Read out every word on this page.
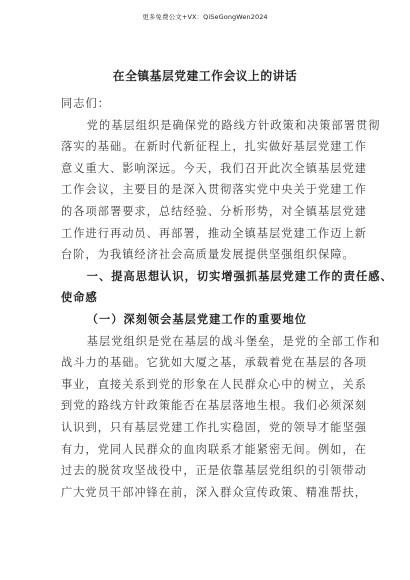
更多免费公文+VX：QiSeGongWen2024
在全镇基层党建工作会议上的讲话
同志们：
党的基层组织是确保党的路线方针政策和决策部署贯彻
落实的基础。在新时代新征程上，扎实做好基层党建工作
意义重大、影响深远。今天，我们召开此次全镇基层党建
工作会议，主要目的是深入贯彻落实党中央关于党建工作
的各项部署要求，总结经验、分析形势，对全镇基层党建
工作进行再动员、再部署，推动全镇基层党建工作迈上新
台阶，为我镇经济社会高质量发展提供坚强组织保障。
一、提高思想认识，切实增强抓基层党建工作的责任感、
使命感
（一）深刻领会基层党建工作的重要地位
基层党组织是党在基层的战斗堡垒，是党的全部工作和
战斗力的基础。它犹如大厦之基，承载着党在基层的各项
事业，直接关系到党的形象在人民群众心中的树立，关系
到党的路线方针政策能否在基层落地生根。我们必须深刻
认识到，只有基层党建工作扎实稳固，党的领导才能坚强
有力，党同人民群众的血肉联系才能紧密无间。例如，在
过去的脱贫攻坚战役中，正是依靠基层党组织的引领带动
广大党员干部冲锋在前，深入群众宣传政策、精准帮扶，
